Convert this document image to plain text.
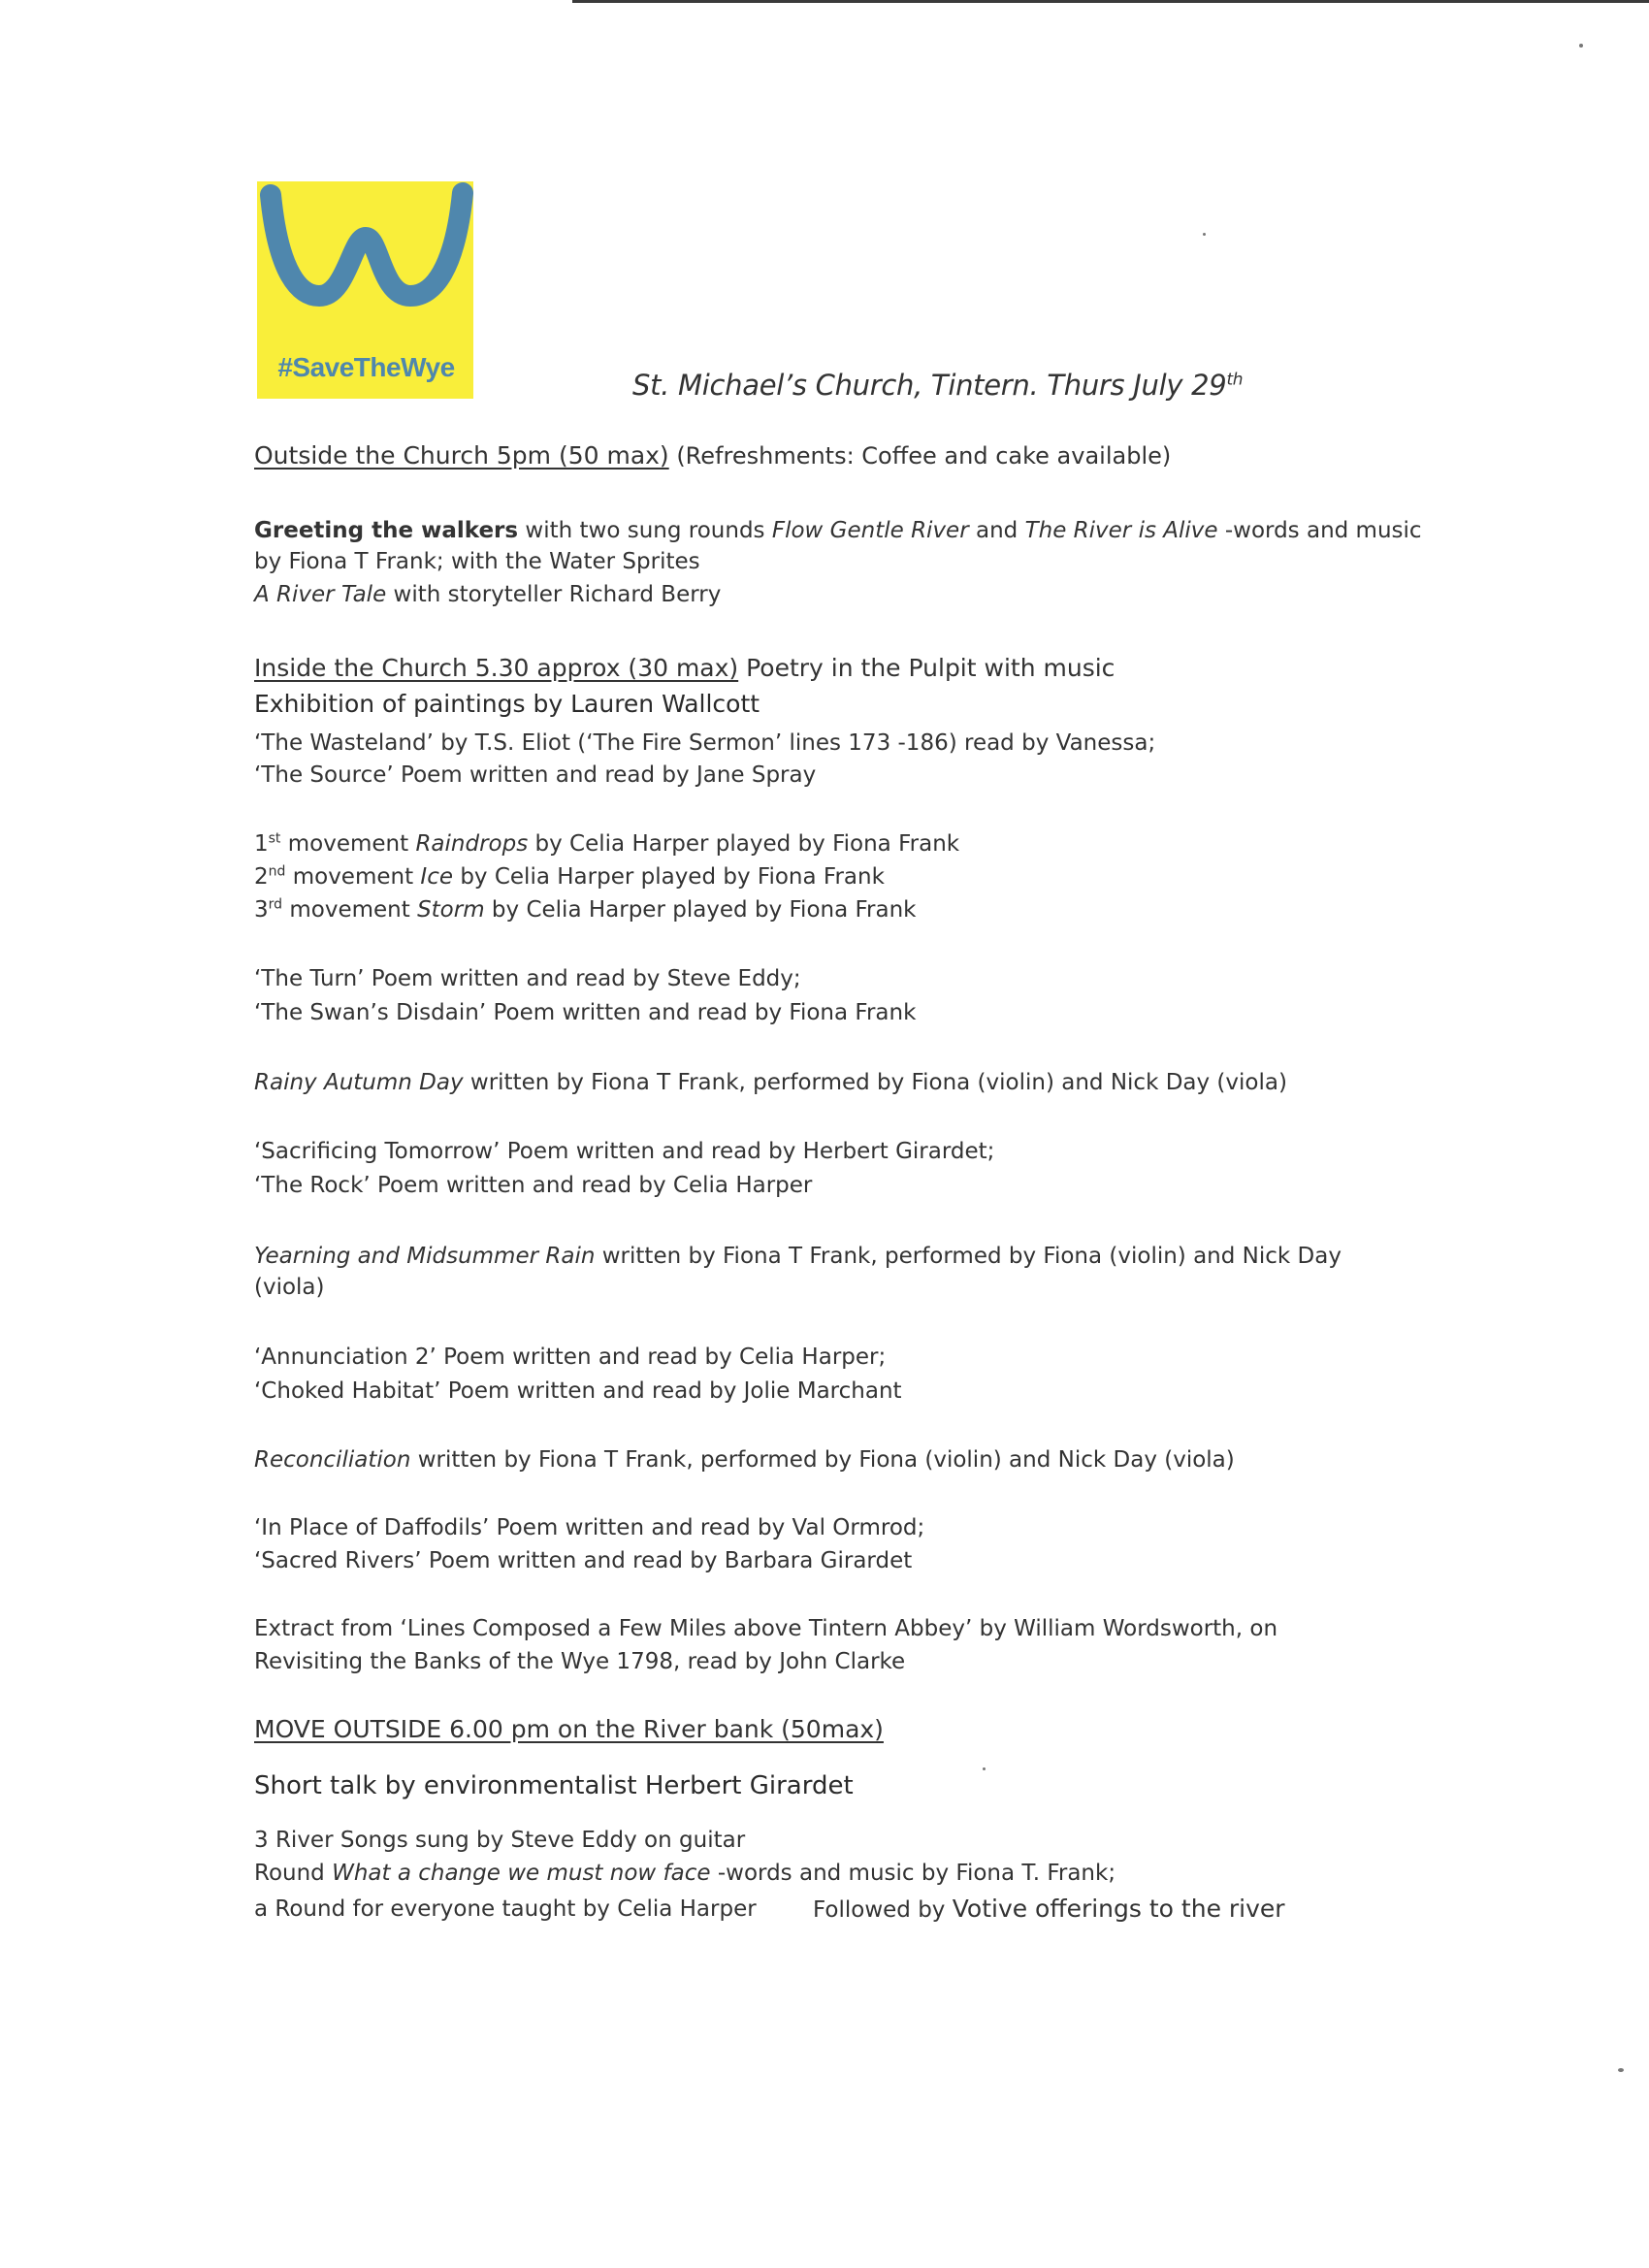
#SaveTheWye
St. Michael’s Church, Tintern. Thurs July 29th
Outside the Church 5pm (50 max) (Refreshments: Coffee and cake available)
Greeting the walkers with two sung rounds Flow Gentle River and The River is Alive -words and music
by Fiona T Frank; with the Water Sprites
A River Tale with storyteller Richard Berry
Inside the Church 5.30 approx (30 max) Poetry in the Pulpit with music
Exhibition of paintings by Lauren Wallcott
‘The Wasteland’ by T.S. Eliot (‘The Fire Sermon’ lines 173 -186) read by Vanessa;
‘The Source’ Poem written and read by Jane Spray
1st movement Raindrops by Celia Harper played by Fiona Frank
2nd movement Ice by Celia Harper played by Fiona Frank
3rd movement Storm by Celia Harper played by Fiona Frank
‘The Turn’ Poem written and read by Steve Eddy;
‘The Swan’s Disdain’ Poem written and read by Fiona Frank
Rainy Autumn Day written by Fiona T Frank, performed by Fiona (violin) and Nick Day (viola)
‘Sacrificing Tomorrow’ Poem written and read by Herbert Girardet;
‘The Rock’ Poem written and read by Celia Harper
Yearning and Midsummer Rain written by Fiona T Frank, performed by Fiona (violin) and Nick Day
(viola)
‘Annunciation 2’ Poem written and read by Celia Harper;
‘Choked Habitat’ Poem written and read by Jolie Marchant
Reconciliation written by Fiona T Frank, performed by Fiona (violin) and Nick Day (viola)
‘In Place of Daffodils’ Poem written and read by Val Ormrod;
‘Sacred Rivers’ Poem written and read by Barbara Girardet
Extract from ‘Lines Composed a Few Miles above Tintern Abbey’ by William Wordsworth, on
Revisiting the Banks of the Wye 1798, read by John Clarke
MOVE OUTSIDE 6.00 pm on the River bank (50max)
Short talk by environmentalist Herbert Girardet
3 River Songs sung by Steve Eddy on guitar
Round What a change we must now face -words and music by Fiona T. Frank;
a Round for everyone taught by Celia Harper	Followed by Votive offerings to the river
